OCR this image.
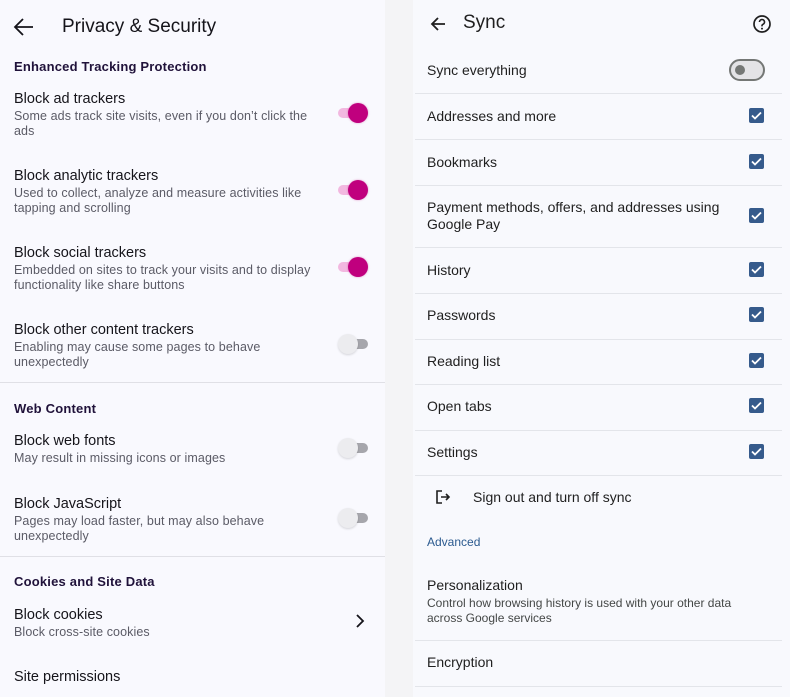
Privacy & Security
Enhanced Tracking Protection
Block ad trackers
Some ads track site visits, even if you don’t click the ads
Block analytic trackers
Used to collect, analyze and measure activities like tapping and scrolling
Block social trackers
Embedded on sites to track your visits and to display functionality like share buttons
Block other content trackers
Enabling may cause some pages to behave unexpectedly
Web Content
Block web fonts
May result in missing icons or images
Block JavaScript
Pages may load faster, but may also behave unexpectedly
Cookies and Site Data
Block cookies
Block cross-site cookies
Site permissions
Sync
Sync everything
Addresses and more
Bookmarks
Payment methods, offers, and addresses using Google Pay
History
Passwords
Reading list
Open tabs
Settings
Sign out and turn off sync
Advanced
Personalization
Control how browsing history is used with your other data across Google services
Encryption
